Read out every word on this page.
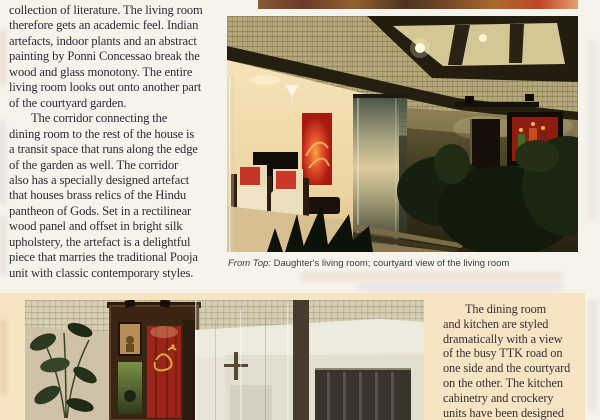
collection of literature. The living room
therefore gets an academic feel. Indian
artefacts, indoor plants and an abstract
painting by Ponni Concessao break the
wood and glass monotony. The entire
living room looks out onto another part
of the courtyard garden.
The corridor connecting the
dining room to the rest of the house is
a transit space that runs along the edge
of the garden as well. The corridor
also has a specially designed artefact
that houses brass relics of the Hindu
pantheon of Gods. Set in a rectilinear
wood panel and offset in bright silk
upholstery, the artefact is a delightful
piece that marries the traditional Pooja
unit with classic contemporary styles.
From Top: Daughter's living room; courtyard view of the living room
The dining room
and kitchen are styled
dramatically with a view
of the busy TTK road on
one side and the courtyard
on the other. The kitchen
cabinetry and crockery
units have been designed
